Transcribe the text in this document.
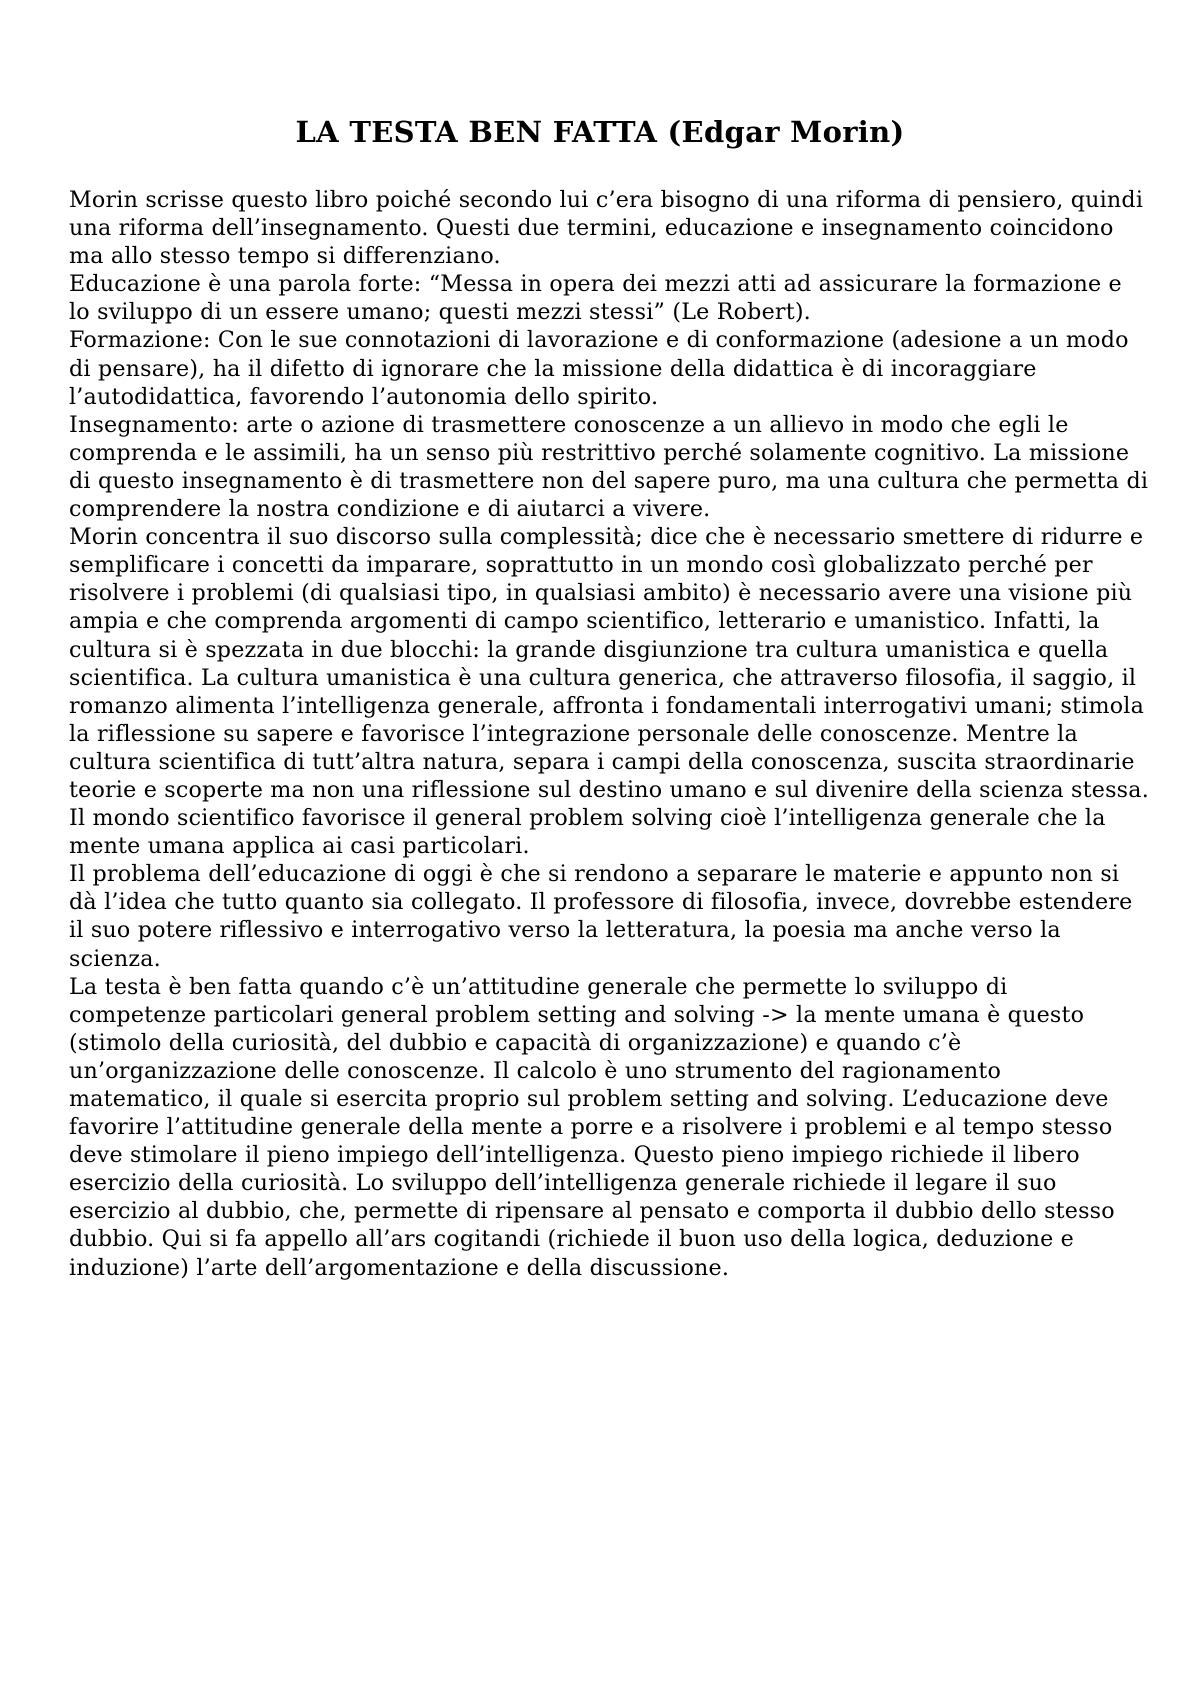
LA TESTA BEN FATTA (Edgar Morin)

Morin scrisse questo libro poiché secondo lui c’era bisogno di una riforma di pensiero, quindi una riforma dell’insegnamento. Questi due termini, educazione e insegnamento coincidono ma allo stesso tempo si differenziano.

Educazione è una parola forte: “Messa in opera dei mezzi atti ad assicurare la formazione e lo sviluppo di un essere umano; questi mezzi stessi” (Le Robert).

Formazione: Con le sue connotazioni di lavorazione e di conformazione (adesione a un modo di pensare), ha il difetto di ignorare che la missione della didattica è di incoraggiare l’autodidattica, favorendo l’autonomia dello spirito.

Insegnamento: arte o azione di trasmettere conoscenze a un allievo in modo che egli le comprenda e le assimili, ha un senso più restrittivo perché solamente cognitivo. La missione di questo insegnamento è di trasmettere non del sapere puro, ma una cultura che permetta di comprendere la nostra condizione e di aiutarci a vivere.

Morin concentra il suo discorso sulla complessità; dice che è necessario smettere di ridurre e semplificare i concetti da imparare, soprattutto in un mondo così globalizzato perché per risolvere i problemi (di qualsiasi tipo, in qualsiasi ambito) è necessario avere una visione più ampia e che comprenda argomenti di campo scientifico, letterario e umanistico. Infatti, la cultura si è spezzata in due blocchi: la grande disgiunzione tra cultura umanistica e quella scientifica. La cultura umanistica è una cultura generica, che attraverso filosofia, il saggio, il romanzo alimenta l’intelligenza generale, affronta i fondamentali interrogativi umani; stimola la riflessione su sapere e favorisce l’integrazione personale delle conoscenze. Mentre la cultura scientifica di tutt’altra natura, separa i campi della conoscenza, suscita straordinarie teorie e scoperte ma non una riflessione sul destino umano e sul divenire della scienza stessa. Il mondo scientifico favorisce il general problem solving cioè l’intelligenza generale che la mente umana applica ai casi particolari.

Il problema dell’educazione di oggi è che si rendono a separare le materie e appunto non si dà l’idea che tutto quanto sia collegato. Il professore di filosofia, invece, dovrebbe estendere il suo potere riflessivo e interrogativo verso la letteratura, la poesia ma anche verso la scienza.

La testa è ben fatta quando c’è un’attitudine generale che permette lo sviluppo di competenze particolari general problem setting and solving -> la mente umana è questo (stimolo della curiosità, del dubbio e capacità di organizzazione) e quando c’è un’organizzazione delle conoscenze. Il calcolo è uno strumento del ragionamento matematico, il quale si esercita proprio sul problem setting and solving. L’educazione deve favorire l’attitudine generale della mente a porre e a risolvere i problemi e al tempo stesso deve stimolare il pieno impiego dell’intelligenza. Questo pieno impiego richiede il libero esercizio della curiosità. Lo sviluppo dell’intelligenza generale richiede il legare il suo esercizio al dubbio, che, permette di ripensare al pensato e comporta il dubbio dello stesso dubbio. Qui si fa appello all’ars cogitandi (richiede il buon uso della logica, deduzione e induzione) l’arte dell’argomentazione e della discussione.
